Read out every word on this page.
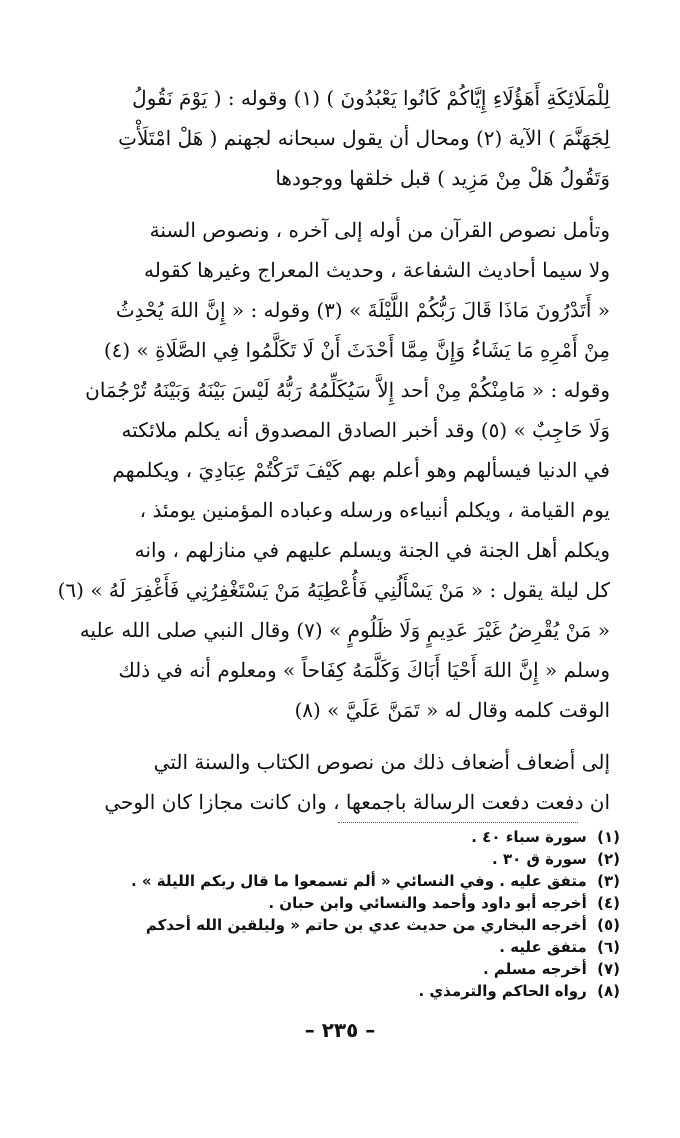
لِلْمَلَائِكَةِ أَهَؤُلَاءِ إِيَّاكُمْ كَانُوا يَعْبُدُونَ ) (١) وقوله : ( يَوْمَ نَقُولُ
لِجَهَنَّمَ ) الآية (٢) ومحال أن يقول سبحانه لجهنم ( هَلْ امْتَلَأْتِ
وَتَقُولُ هَلْ مِنْ مَزِيد ) قبل خلقها ووجودها
وتأمل نصوص القرآن من أوله إلى آخره ، ونصوص السنة
ولا سيما أحاديث الشفاعة ، وحديث المعراج وغيرها كقوله
« أَتَدْرُونَ مَاذَا قَالَ رَبُّكُمْ اللَّيْلَةَ » (٣) وقوله : « إِنَّ اللهَ يُحْدِثُ
مِنْ أَمْرِهِ مَا يَشَاءُ وَإِنَّ مِمَّا أَحْدَثَ أَنْ لَا تَكَلَّمُوا فِي الصَّلَاةِ » (٤)
وقوله : « مَامِنْكُمْ مِنْ أحد إِلاَّ سَيُكَلِّمُهُ رَبُّهُ لَيْسَ بَيْنَهُ وَبَيْنَهُ تُرْجُمَان
وَلَا حَاجِبٌ » (٥) وقد أخبر الصادق المصدوق أنه يكلم ملائكته
في الدنيا فيسألهم وهو أعلم بهم كَيْفَ تَرَكْتُمْ عِبَادِيَ ، ويكلمهم
يوم القيامة ، ويكلم أنبياءه ورسله وعباده المؤمنين يومئذ ،
ويكلم أهل الجنة في الجنة ويسلم عليهم في منازلهم ، وانه
كل ليلة يقول : « مَنْ يَسْأَلُنِي فَأُعْطِيَهُ مَنْ يَسْتَغْفِرُنِي فَأَغْفِرَ لَهُ » (٦)
« مَنْ يُقْرِضُ غَيْرَ عَدِيمٍ وَلَا ظَلُومٍ » (٧) وقال النبي صلى الله عليه
وسلم « إِنَّ اللهَ أَحْيَا أَبَاكَ وَكَلَّمَهُ كِفَاحاً » ومعلوم أنه في ذلك
الوقت كلمه وقال له « تَمَنَّ عَلَيَّ » (٨)
إلى أضعاف أضعاف ذلك من نصوص الكتاب والسنة التي
ان دفعت دفعت الرسالة باجمعها ، وان كانت مجازا كان الوحي
(١) سورة سباء ٤٠ .
(٢) سورة ق ٣٠ .
(٣) متفق عليه . وفي النسائي « ألم تسمعوا ما قال ربكم الليلة » .
(٤) أخرجه أبو داود وأحمد والنسائي وابن حبان .
(٥) أخرجه البخاري من حديث عدي بن حاتم « وليلقين الله أحدكم
(٦) متفق عليه .
(٧) أخرجه مسلم .
(٨) رواه الحاكم والترمذي .
– ٢٣٥ –
